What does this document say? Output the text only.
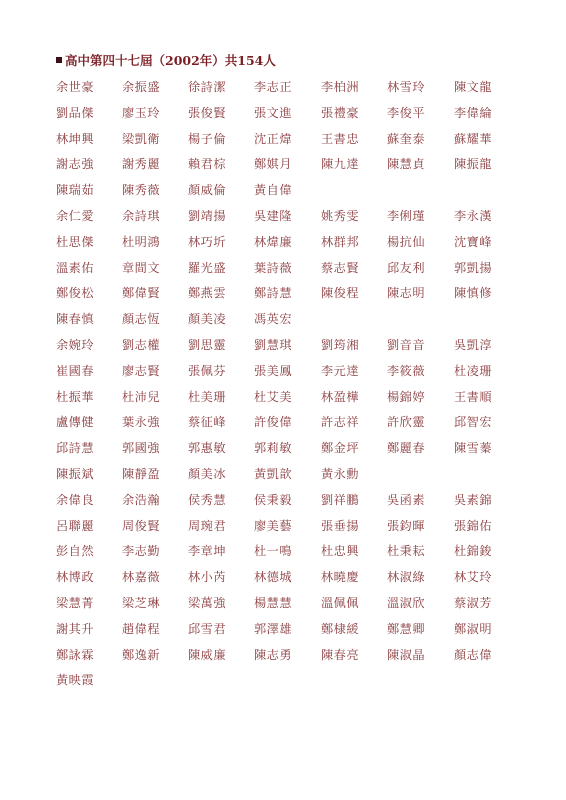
高中第四十七屆（2002年）共154人
余世豪 余振盛 徐詩潔 李志正 李柏洲 林雪玲 陳文龍
劉品傑 廖玉玲 張俊賢 張文進 張禮豪 李俊平 李偉綸
林坤興 梁凱衛 楊子倫 沈正煒 王書忠 蘇奎泰 蘇耀華
謝志強 謝秀麗 賴君棕 鄭娸月 陳九達 陳慧貞 陳振龍
陳瑞茹 陳秀薇 顏威倫 黃自偉
余仁愛 余詩琪 劉靖揚 吳建隆 姚秀雯 李俐瑾 李永漢
杜思傑 杜明鴻 林巧圻 林煒廉 林群邦 楊抗仙 沈寶峰
溫素佑 章間文 羅光盛 葉詩薇 蔡志賢 邱友利 郭凱揚
鄭俊松 鄭偉賢 鄭燕雲 鄭詩慧 陳俊程 陳志明 陳慎修
陳春慎 顏志恆 顏美凌 馮英宏
余婉玲 劉志權 劉思靈 劉慧琪 劉筠湘 劉音音 吳凱淳
崔國春 廖志賢 張佩芬 張美鳳 李元達 李筱薇 杜凌珊
杜振華 杜沛兒 杜美珊 杜艾美 林盈樺 楊錦婷 王書順
盧傳健 葉永強 蔡征峰 許俊偉 許志祥 許欣靈 邱智宏
邱詩慧 郭國強 郭惠敏 郭莉敏 鄭金坪 鄭麗春 陳雪蓁
陳振斌 陳靜盈 顏美冰 黃凱歆 黃永勳
余偉良 余浩瀚 侯秀慧 侯秉毅 劉祥鵬 吳函素 吳素錦
呂聯麗 周俊賢 周琬君 廖美藝 張垂揚 張鈞暉 張錦佑
彭自然 李志勤 李章坤 杜一鳴 杜忠興 杜秉耘 杜錦鋑
林博政 林嘉薇 林小芮 林德城 林曉慶 林淑綠 林艾玲
梁慧菁 梁芝琳 梁萬強 楊慧慧 溫佩佩 溫淑欣 蔡淑芳
謝其升 趙偉程 邱雪君 郭澤雄 鄭棣緩 鄭慧卿 鄭淑明
鄭詠霖 鄭逸新 陳威廉 陳志勇 陳春亮 陳淑晶 顏志偉
黃映霞
